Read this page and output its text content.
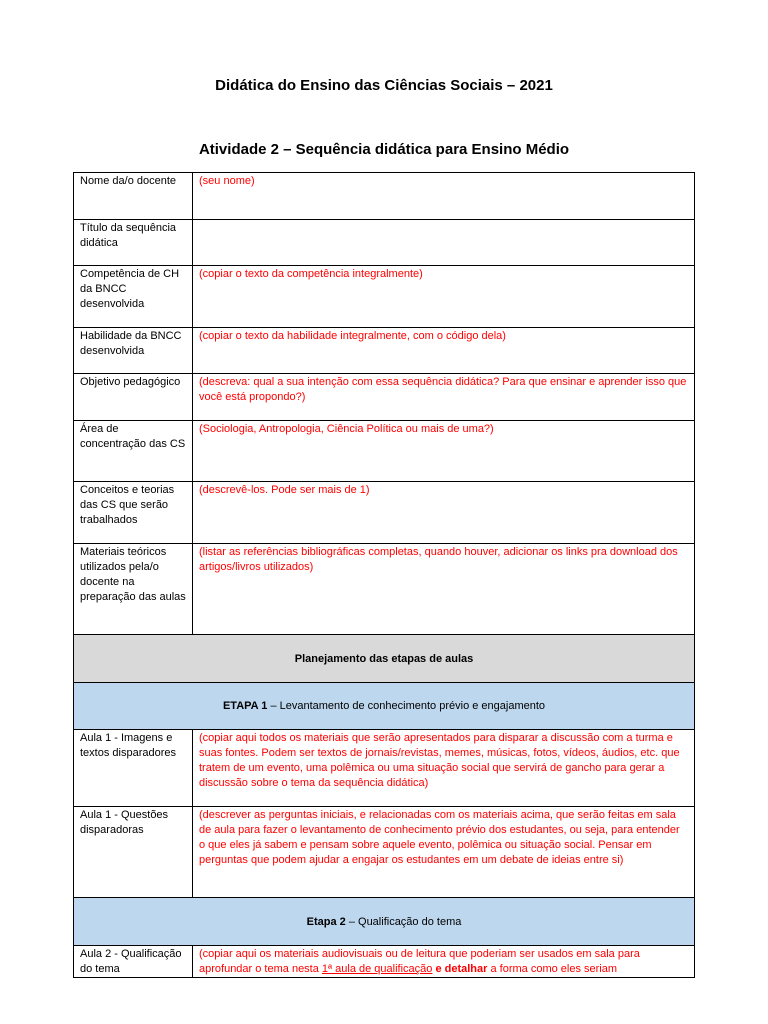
Didática do Ensino das Ciências Sociais – 2021
Atividade 2 – Sequência didática para Ensino Médio
Nome da/o docente	(seu nome)
Título da sequência didática	
Competência de CH da BNCC desenvolvida	(copiar o texto da competência integralmente)
Habilidade da BNCC desenvolvida	(copiar o texto da habilidade integralmente, com o código dela)
Objetivo pedagógico	(descreva: qual a sua intenção com essa sequência didática? Para que ensinar e aprender isso que você está propondo?)
Área de concentração das CS	(Sociologia, Antropologia, Ciência Política ou mais de uma?)
Conceitos e teorias das CS que serão trabalhados	(descrevê-los. Pode ser mais de 1)
Materiais teóricos utilizados pela/o docente na preparação das aulas	(listar as referências bibliográficas completas, quando houver, adicionar os links pra download dos artigos/livros utilizados)
Planejamento das etapas de aulas	
ETAPA 1 – Levantamento de conhecimento prévio e engajamento	
Aula 1 - Imagens e textos disparadores	(copiar aqui todos os materiais que serão apresentados para disparar a discussão com a turma e suas fontes. Podem ser textos de jornais/revistas, memes, músicas, fotos, vídeos, áudios, etc. que tratem de um evento, uma polêmica ou uma situação social que servirá de gancho para gerar a discussão sobre o tema da sequência didática)
Aula 1 - Questões disparadoras	(descrever as perguntas iniciais, e relacionadas com os materiais acima, que serão feitas em sala de aula para fazer o levantamento de conhecimento prévio dos estudantes, ou seja, para entender o que eles já sabem e pensam sobre aquele evento, polêmica ou situação social. Pensar em perguntas que podem ajudar a engajar os estudantes em um debate de ideias entre si)
Etapa 2 – Qualificação do tema	

Aula 2 - Qualificação do tema	(copiar aqui os materiais audiovisuais ou de leitura que poderiam ser usados em sala para aprofundar o tema nesta 1ª aula de qualificação e detalhar a forma como eles seriam
